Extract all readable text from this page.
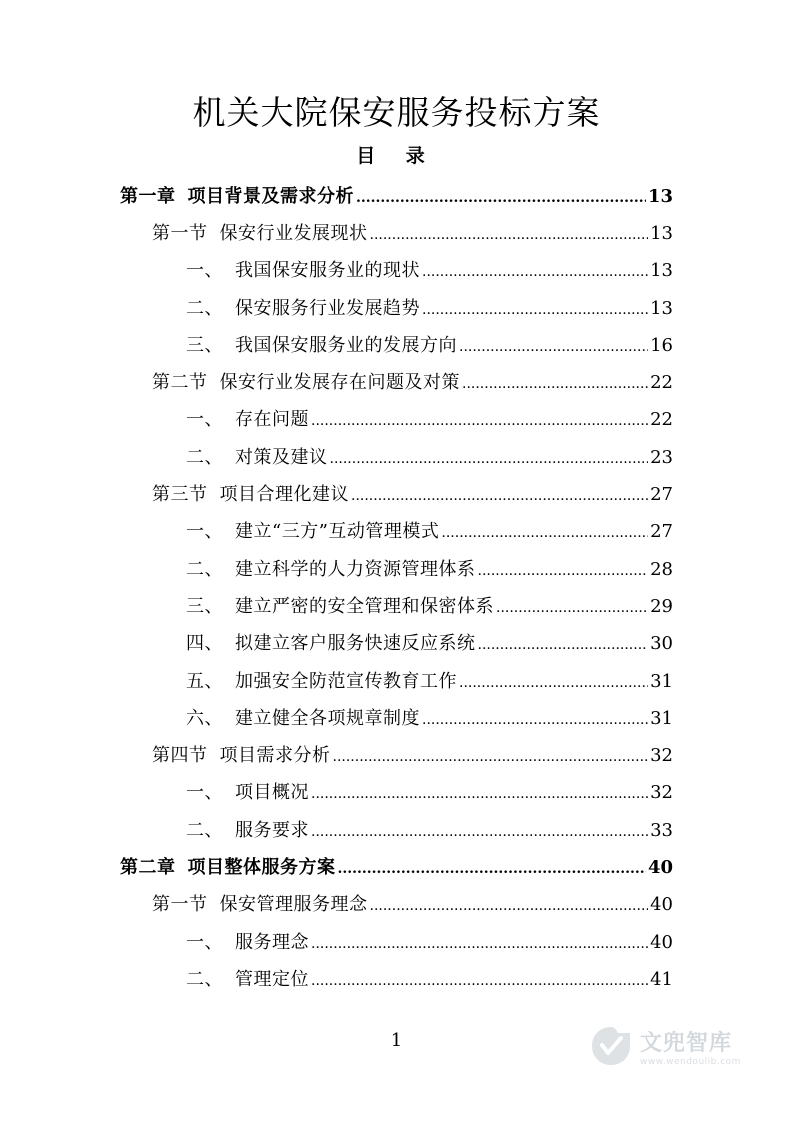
机关大院保安服务投标方案
目 录
第一章 项目背景及需求分析 .....	13
第一节 保安行业发展现状 .....	13
一、 我国保安服务业的现状 .....	13
二、 保安服务行业发展趋势 .....	13
三、 我国保安服务业的发展方向 .....	16
第二节 保安行业发展存在问题及对策 .....	22
一、 存在问题 .....	22
二、 对策及建议 .....	23
第三节 项目合理化建议 .....	27
一、 建立“三方”互动管理模式 .....	27
二、 建立科学的人力资源管理体系 .....	28
三、 建立严密的安全管理和保密体系 .....	29
四、 拟建立客户服务快速反应系统 .....	30
五、 加强安全防范宣传教育工作 .....	31
六、 建立健全各项规章制度 .....	31
第四节 项目需求分析 .....	32
一、 项目概况 .....	32
二、 服务要求 .....	33
第二章 项目整体服务方案 .....	40
第一节 保安管理服务理念 .....	40
一、 服务理念 .....	40
二、 管理定位 .....	41
1	文兜智库
www.wendoulib.com
